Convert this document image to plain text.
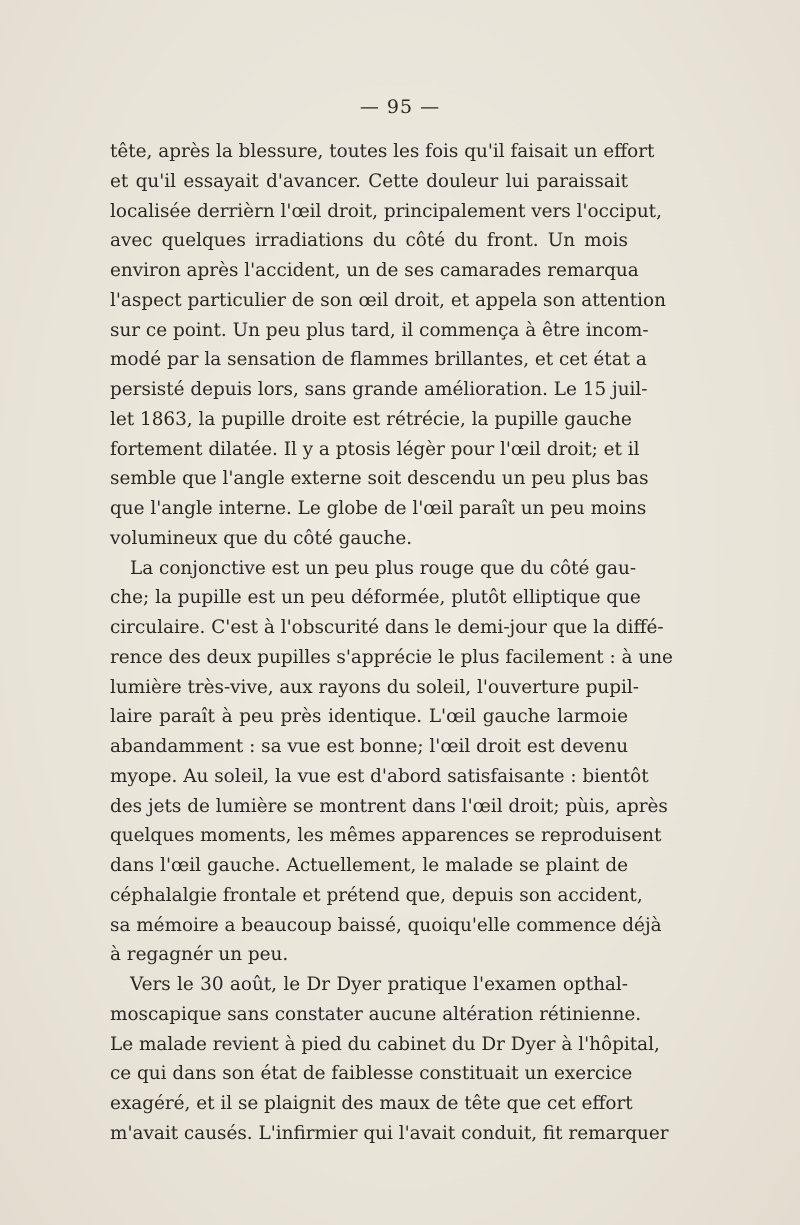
— 95 —
tête, après la blessure, toutes les fois qu'il faisait un effort
et qu'il essayait d'avancer. Cette douleur lui paraissait
localisée derrièrn l'œil droit, principalement vers l'occiput,
avec quelques irradiations du côté du front. Un mois
environ après l'accident, un de ses camarades remarqua
l'aspect particulier de son œil droit, et appela son attention
sur ce point. Un peu plus tard, il commença à être incom-
modé par la sensation de flammes brillantes, et cet état a
persisté depuis lors, sans grande amélioration. Le 15 juil-
let 1863, la pupille droite est rétrécie, la pupille gauche
fortement dilatée. Il y a ptosis légèr pour l'œil droit; et il
semble que l'angle externe soit descendu un peu plus bas
que l'angle interne. Le globe de l'œil paraît un peu moins
volumineux que du côté gauche.
La conjonctive est un peu plus rouge que du côté gau-
che; la pupille est un peu déformée, plutôt elliptique que
circulaire. C'est à l'obscurité dans le demi-jour que la diffé-
rence des deux pupilles s'apprécie le plus facilement : à une
lumière très-vive, aux rayons du soleil, l'ouverture pupil-
laire paraît à peu près identique. L'œil gauche larmoie
abandamment : sa vue est bonne; l'œil droit est devenu
myope. Au soleil, la vue est d'abord satisfaisante : bientôt
des jets de lumière se montrent dans l'œil droit; pùis, après
quelques moments, les mêmes apparences se reproduisent
dans l'œil gauche. Actuellement, le malade se plaint de
céphalalgie frontale et prétend que, depuis son accident,
sa mémoire a beaucoup baissé, quoiqu'elle commence déjà
à regagnér un peu.
Vers le 30 août, le Dr Dyer pratique l'examen opthal-
moscapique sans constater aucune altération rétinienne.
Le malade revient à pied du cabinet du Dr Dyer à l'hôpital,
ce qui dans son état de faiblesse constituait un exercice
exagéré, et il se plaignit des maux de tête que cet effort
m'avait causés. L'infirmier qui l'avait conduit, fit remarquer
